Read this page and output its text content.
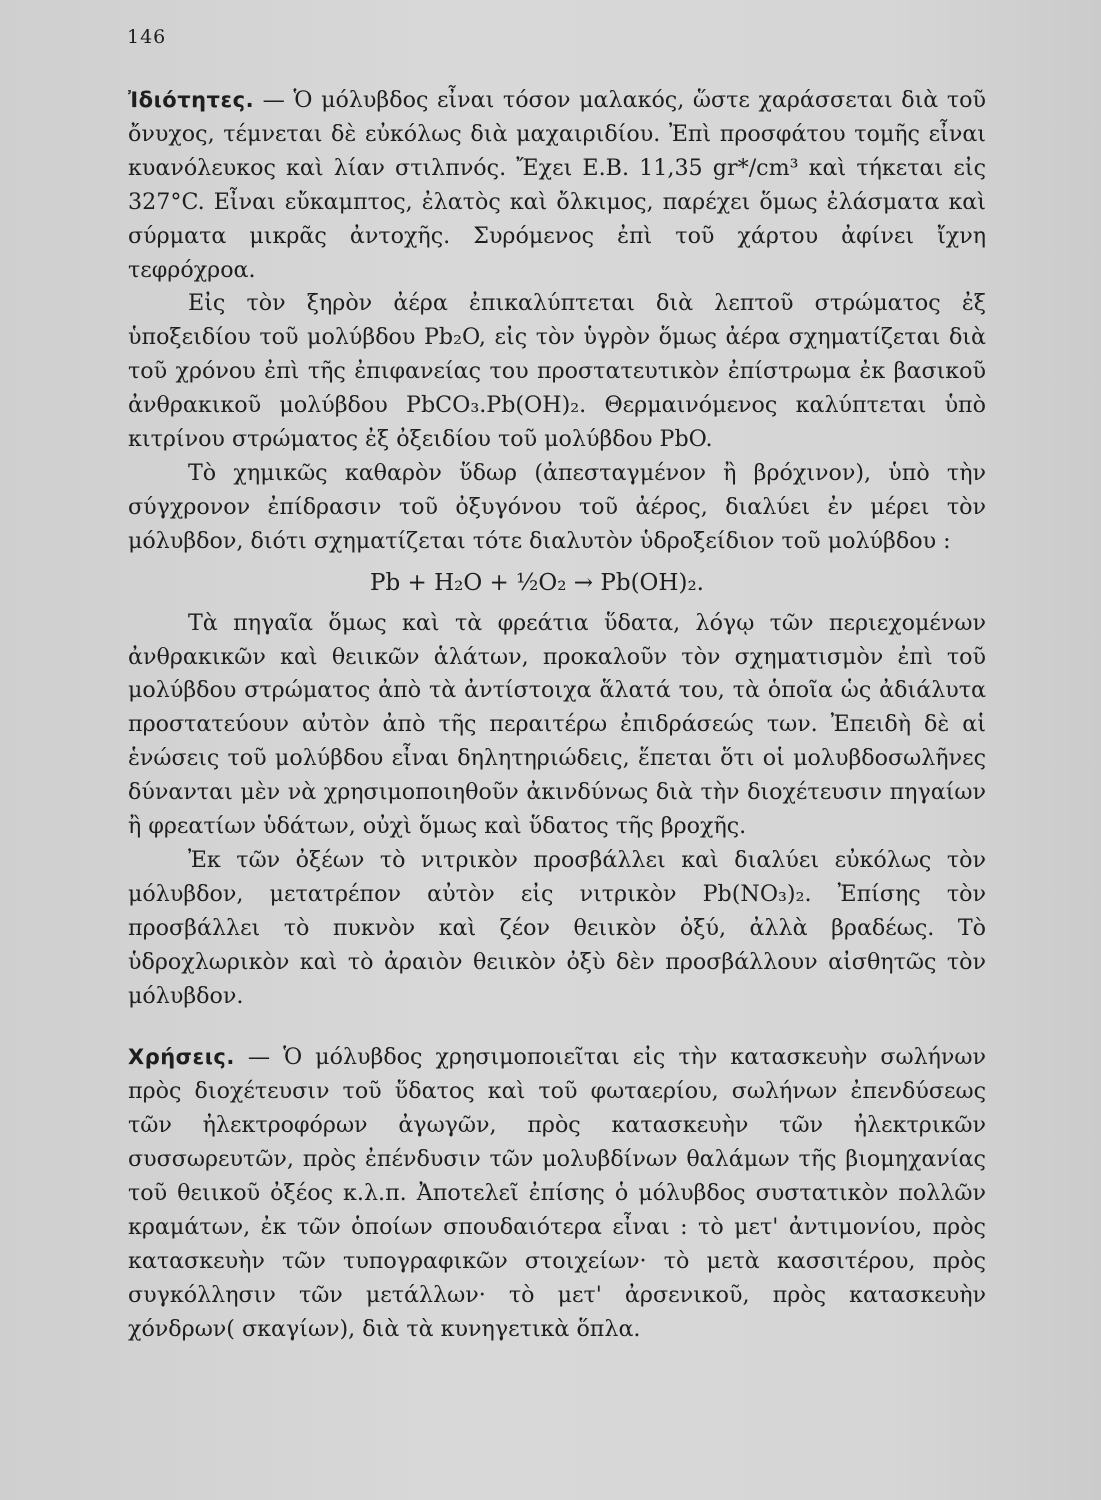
146

Ἰδιότητες. — Ὁ μόλυβδος εἶναι τόσον μαλακός, ὥστε χαράσσεται διὰ τοῦ ὄνυχος, τέμνεται δὲ εὐκόλως διὰ μαχαιριδίου. Ἐπὶ προσφάτου τομῆς εἶναι κυανόλευκος καὶ λίαν στιλπνός. Ἔχει Ε.Β. 11,35 gr*/cm³ καὶ τήκεται εἰς 327°C. Εἶναι εὔκαμπτος, ἐλατὸς καὶ ὄλκιμος, παρέχει ὅμως ἐλάσματα καὶ σύρματα μικρᾶς ἀντοχῆς. Συρόμενος ἐπὶ τοῦ χάρτου ἀφίνει ἴχνη τεφρόχροα.

Εἰς τὸν ξηρὸν ἀέρα ἐπικαλύπτεται διὰ λεπτοῦ στρώματος ἐξ ὑποξειδίου τοῦ μολύβδου Pb₂O, εἰς τὸν ὑγρὸν ὅμως ἀέρα σχηματίζεται διὰ τοῦ χρόνου ἐπὶ τῆς ἐπιφανείας του προστατευτικὸν ἐπίστρωμα ἐκ βασικοῦ ἀνθρακικοῦ μολύβδου PbCO₃.Pb(OH)₂. Θερμαινόμενος καλύπτεται ὑπὸ κιτρίνου στρώματος ἐξ ὀξειδίου τοῦ μολύβδου PbO.

Τὸ χημικῶς καθαρὸν ὕδωρ (ἀπεσταγμένον ἢ βρόχινον), ὑπὸ τὴν σύγχρονον ἐπίδρασιν τοῦ ὀξυγόνου τοῦ ἀέρος, διαλύει ἐν μέρει τὸν μόλυβδον, διότι σχηματίζεται τότε διαλυτὸν ὑδροξείδιον τοῦ μολύβδου :

Pb + H₂O + ½O₂ → Pb(OH)₂.

Τὰ πηγαῖα ὅμως καὶ τὰ φρεάτια ὕδατα, λόγῳ τῶν περιεχομένων ἀνθρακικῶν καὶ θειικῶν ἁλάτων, προκαλοῦν τὸν σχηματισμὸν ἐπὶ τοῦ μολύβδου στρώματος ἀπὸ τὰ ἀντίστοιχα ἅλατά του, τὰ ὁποῖα ὡς ἀδιάλυτα προστατεύουν αὐτὸν ἀπὸ τῆς περαιτέρω ἐπιδράσεώς των. Ἐπειδὴ δὲ αἱ ἑνώσεις τοῦ μολύβδου εἶναι δηλητηριώδεις, ἕπεται ὅτι οἱ μολυβδοσωλῆνες δύνανται μὲν νὰ χρησιμοποιηθοῦν ἀκινδύνως διὰ τὴν διοχέτευσιν πηγαίων ἢ φρεατίων ὑδάτων, οὐχὶ ὅμως καὶ ὕδατος τῆς βροχῆς.

Ἐκ τῶν ὀξέων τὸ νιτρικὸν προσβάλλει καὶ διαλύει εὐκόλως τὸν μόλυβδον, μετατρέπον αὐτὸν εἰς νιτρικὸν Pb(NO₃)₂. Ἐπίσης τὸν προσβάλλει τὸ πυκνὸν καὶ ζέον θειικὸν ὀξύ, ἀλλὰ βραδέως. Τὸ ὑδροχλωρικὸν καὶ τὸ ἀραιὸν θειικὸν ὀξὺ δὲν προσβάλλουν αἰσθητῶς τὸν μόλυβδον.

Χρήσεις. — Ὁ μόλυβδος χρησιμοποιεῖται εἰς τὴν κατασκευὴν σωλήνων πρὸς διοχέτευσιν τοῦ ὕδατος καὶ τοῦ φωταερίου, σωλήνων ἐπενδύσεως τῶν ἠλεκτροφόρων ἀγωγῶν, πρὸς κατασκευὴν τῶν ἠλεκτρικῶν συσσωρευτῶν, πρὸς ἐπένδυσιν τῶν μολυβδίνων θαλάμων τῆς βιομηχανίας τοῦ θειικοῦ ὀξέος κ.λ.π. Ἀποτελεῖ ἐπίσης ὁ μόλυβδος συστατικὸν πολλῶν κραμάτων, ἐκ τῶν ὁποίων σπουδαιότερα εἶναι : τὸ μετ' ἀντιμονίου, πρὸς κατασκευὴν τῶν τυπογραφικῶν στοιχείων· τὸ μετὰ κασσιτέρου, πρὸς συγκόλλησιν τῶν μετάλλων· τὸ μετ' ἀρσενικοῦ, πρὸς κατασκευὴν χόνδρων( σκαγίων), διὰ τὰ κυνηγετικὰ ὅπλα.
